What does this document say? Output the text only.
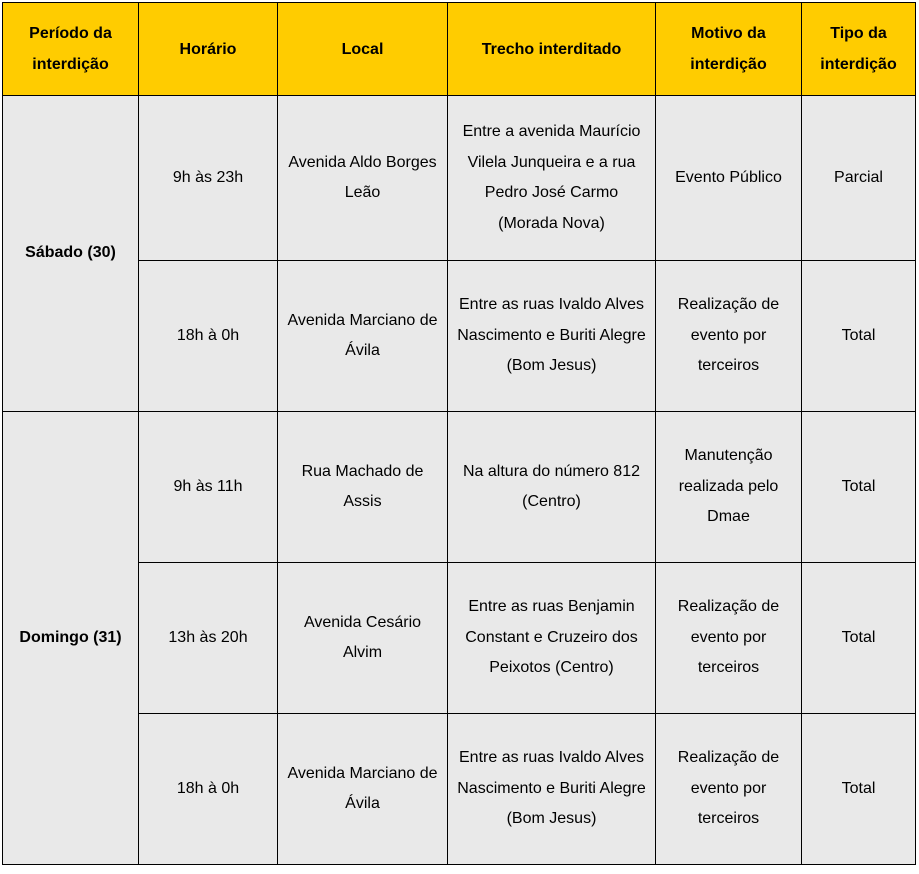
Período da interdição	Horário	Local	Trecho interditado	Motivo da interdição	Tipo da interdição
Sábado (30)	9h às 23h	Avenida Aldo Borges Leão	Entre a avenida Maurício Vilela Junqueira e a rua Pedro José Carmo (Morada Nova)	Evento Público	Parcial
	18h à 0h	Avenida Marciano de Ávila	Entre as ruas Ivaldo Alves Nascimento e Buriti Alegre (Bom Jesus)	Realização de evento por terceiros	Total
Domingo (31)	9h às 11h	Rua Machado de Assis	Na altura do número 812 (Centro)	Manutenção realizada pelo Dmae	Total
	13h às 20h	Avenida Cesário Alvim	Entre as ruas Benjamin Constant e Cruzeiro dos Peixotos (Centro)	Realização de evento por terceiros	Total
	18h à 0h	Avenida Marciano de Ávila	Entre as ruas Ivaldo Alves Nascimento e Buriti Alegre (Bom Jesus)	Realização de evento por terceiros	Total
